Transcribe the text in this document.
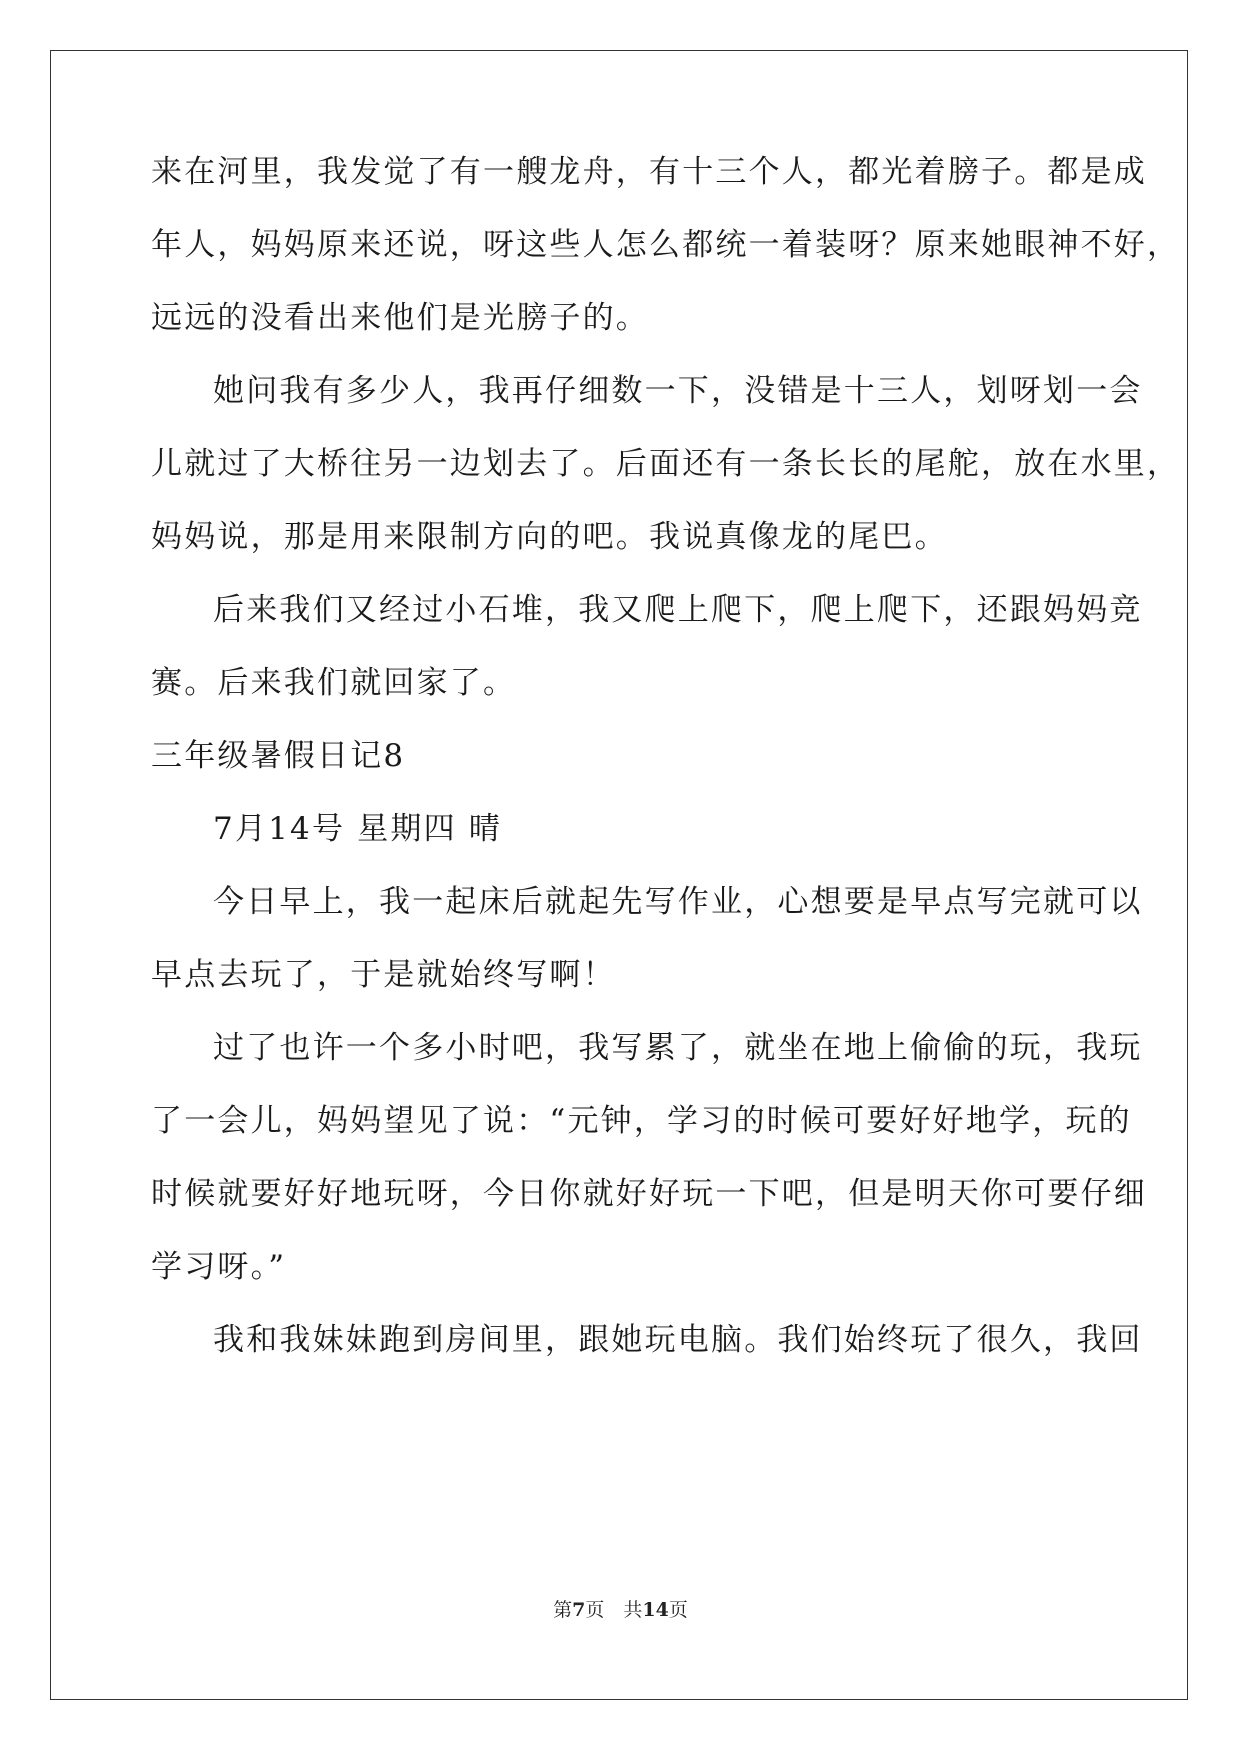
来在河里，我发觉了有一艘龙舟，有十三个人，都光着膀子。都是成
年人，妈妈原来还说，呀这些人怎么都统一着装呀？原来她眼神不好，
远远的没看出来他们是光膀子的。
她问我有多少人，我再仔细数一下，没错是十三人，划呀划一会
儿就过了大桥往另一边划去了。后面还有一条长长的尾舵，放在水里，
妈妈说，那是用来限制方向的吧。我说真像龙的尾巴。
后来我们又经过小石堆，我又爬上爬下，爬上爬下，还跟妈妈竞
赛。后来我们就回家了。
三年级暑假日记8
7月14号 星期四 晴
今日早上，我一起床后就起先写作业，心想要是早点写完就可以
早点去玩了，于是就始终写啊！
过了也许一个多小时吧，我写累了，就坐在地上偷偷的玩，我玩
了一会儿，妈妈望见了说：“元钟，学习的时候可要好好地学，玩的
时候就要好好地玩呀，今日你就好好玩一下吧，但是明天你可要仔细
学习呀。”
我和我妹妹跑到房间里，跟她玩电脑。我们始终玩了很久，我回
第7页　共14页
